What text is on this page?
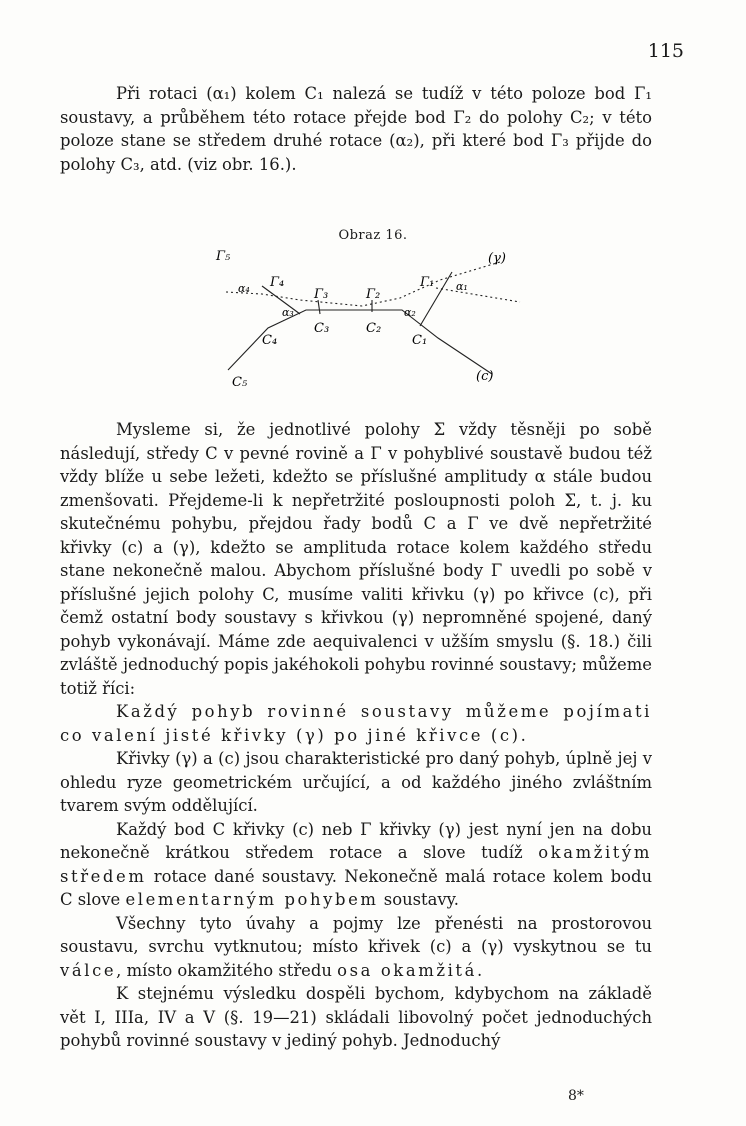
115

Při rotaci (α₁) kolem C₁ nalezá se tudíž v této poloze bod Γ₁ soustavy, a průběhem této rotace přejde bod Γ₂ do polohy C₂; v této poloze stane se středem druhé rotace (α₂), při které bod Γ₃ přijde do polohy C₃, atd. (viz obr. 16.).

Obraz 16.
Γ₅
α₄ Γ₄
α₃
Γ₃
C₃
Γ₂
C₂
Γ₁
α₂
α₁
C₁
C₄
C₅
(γ)
(c)

Mysleme si, že jednotlivé polohy Σ vždy těsněji po sobě následují, středy C v pevné rovině a Γ v pohyblivé soustavě budou též vždy blíže u sebe ležeti, kdežto se příslušné amplitudy α stále budou zmenšovati. Přejdeme-li k nepřetržité posloupnosti poloh Σ, t. j. ku skutečnému pohybu, přejdou řady bodů C a Γ ve dvě nepřetržité křivky (c) a (γ), kdežto se amplituda rotace kolem každého středu stane nekonečně malou. Abychom příslušné body Γ uvedli po sobě v příslušné jejich polohy C, musíme valiti křivku (γ) po křivce (c), při čemž ostatní body soustavy s křivkou (γ) nepromněné spojené, daný pohyb vykonávají. Máme zde aequivalenci v užším smyslu (§. 18.) čili zvláště jednoduchý popis jakéhokoli pohybu rovinné soustavy; můžeme totiž říci:

Každý pohyb rovinné soustavy můžeme pojímati co valení jisté křivky (γ) po jiné křivce (c).

Křivky (γ) a (c) jsou charakteristické pro daný pohyb, úplně jej v ohledu ryze geometrickém určující, a od každého jiného zvláštním tvarem svým oddělující.

Každý bod C křivky (c) neb Γ křivky (γ) jest nyní jen na dobu nekonečně krátkou středem rotace a slove tudíž okamžitým středem rotace dané soustavy. Nekonečně malá rotace kolem bodu C slove elementarným pohybem soustavy.

Všechny tyto úvahy a pojmy lze přenésti na prostorovou soustavu, svrchu vytknutou; místo křivek (c) a (γ) vyskytnou se tu válce, místo okamžitého středu osa okamžitá.

K stejnému výsledku dospěli bychom, kdybychom na základě vět I, IIIa, IV a V (§. 19—21) skládali libovolný počet jednoduchých pohybů rovinné soustavy v jediný pohyb. Jednoduchý

8*
